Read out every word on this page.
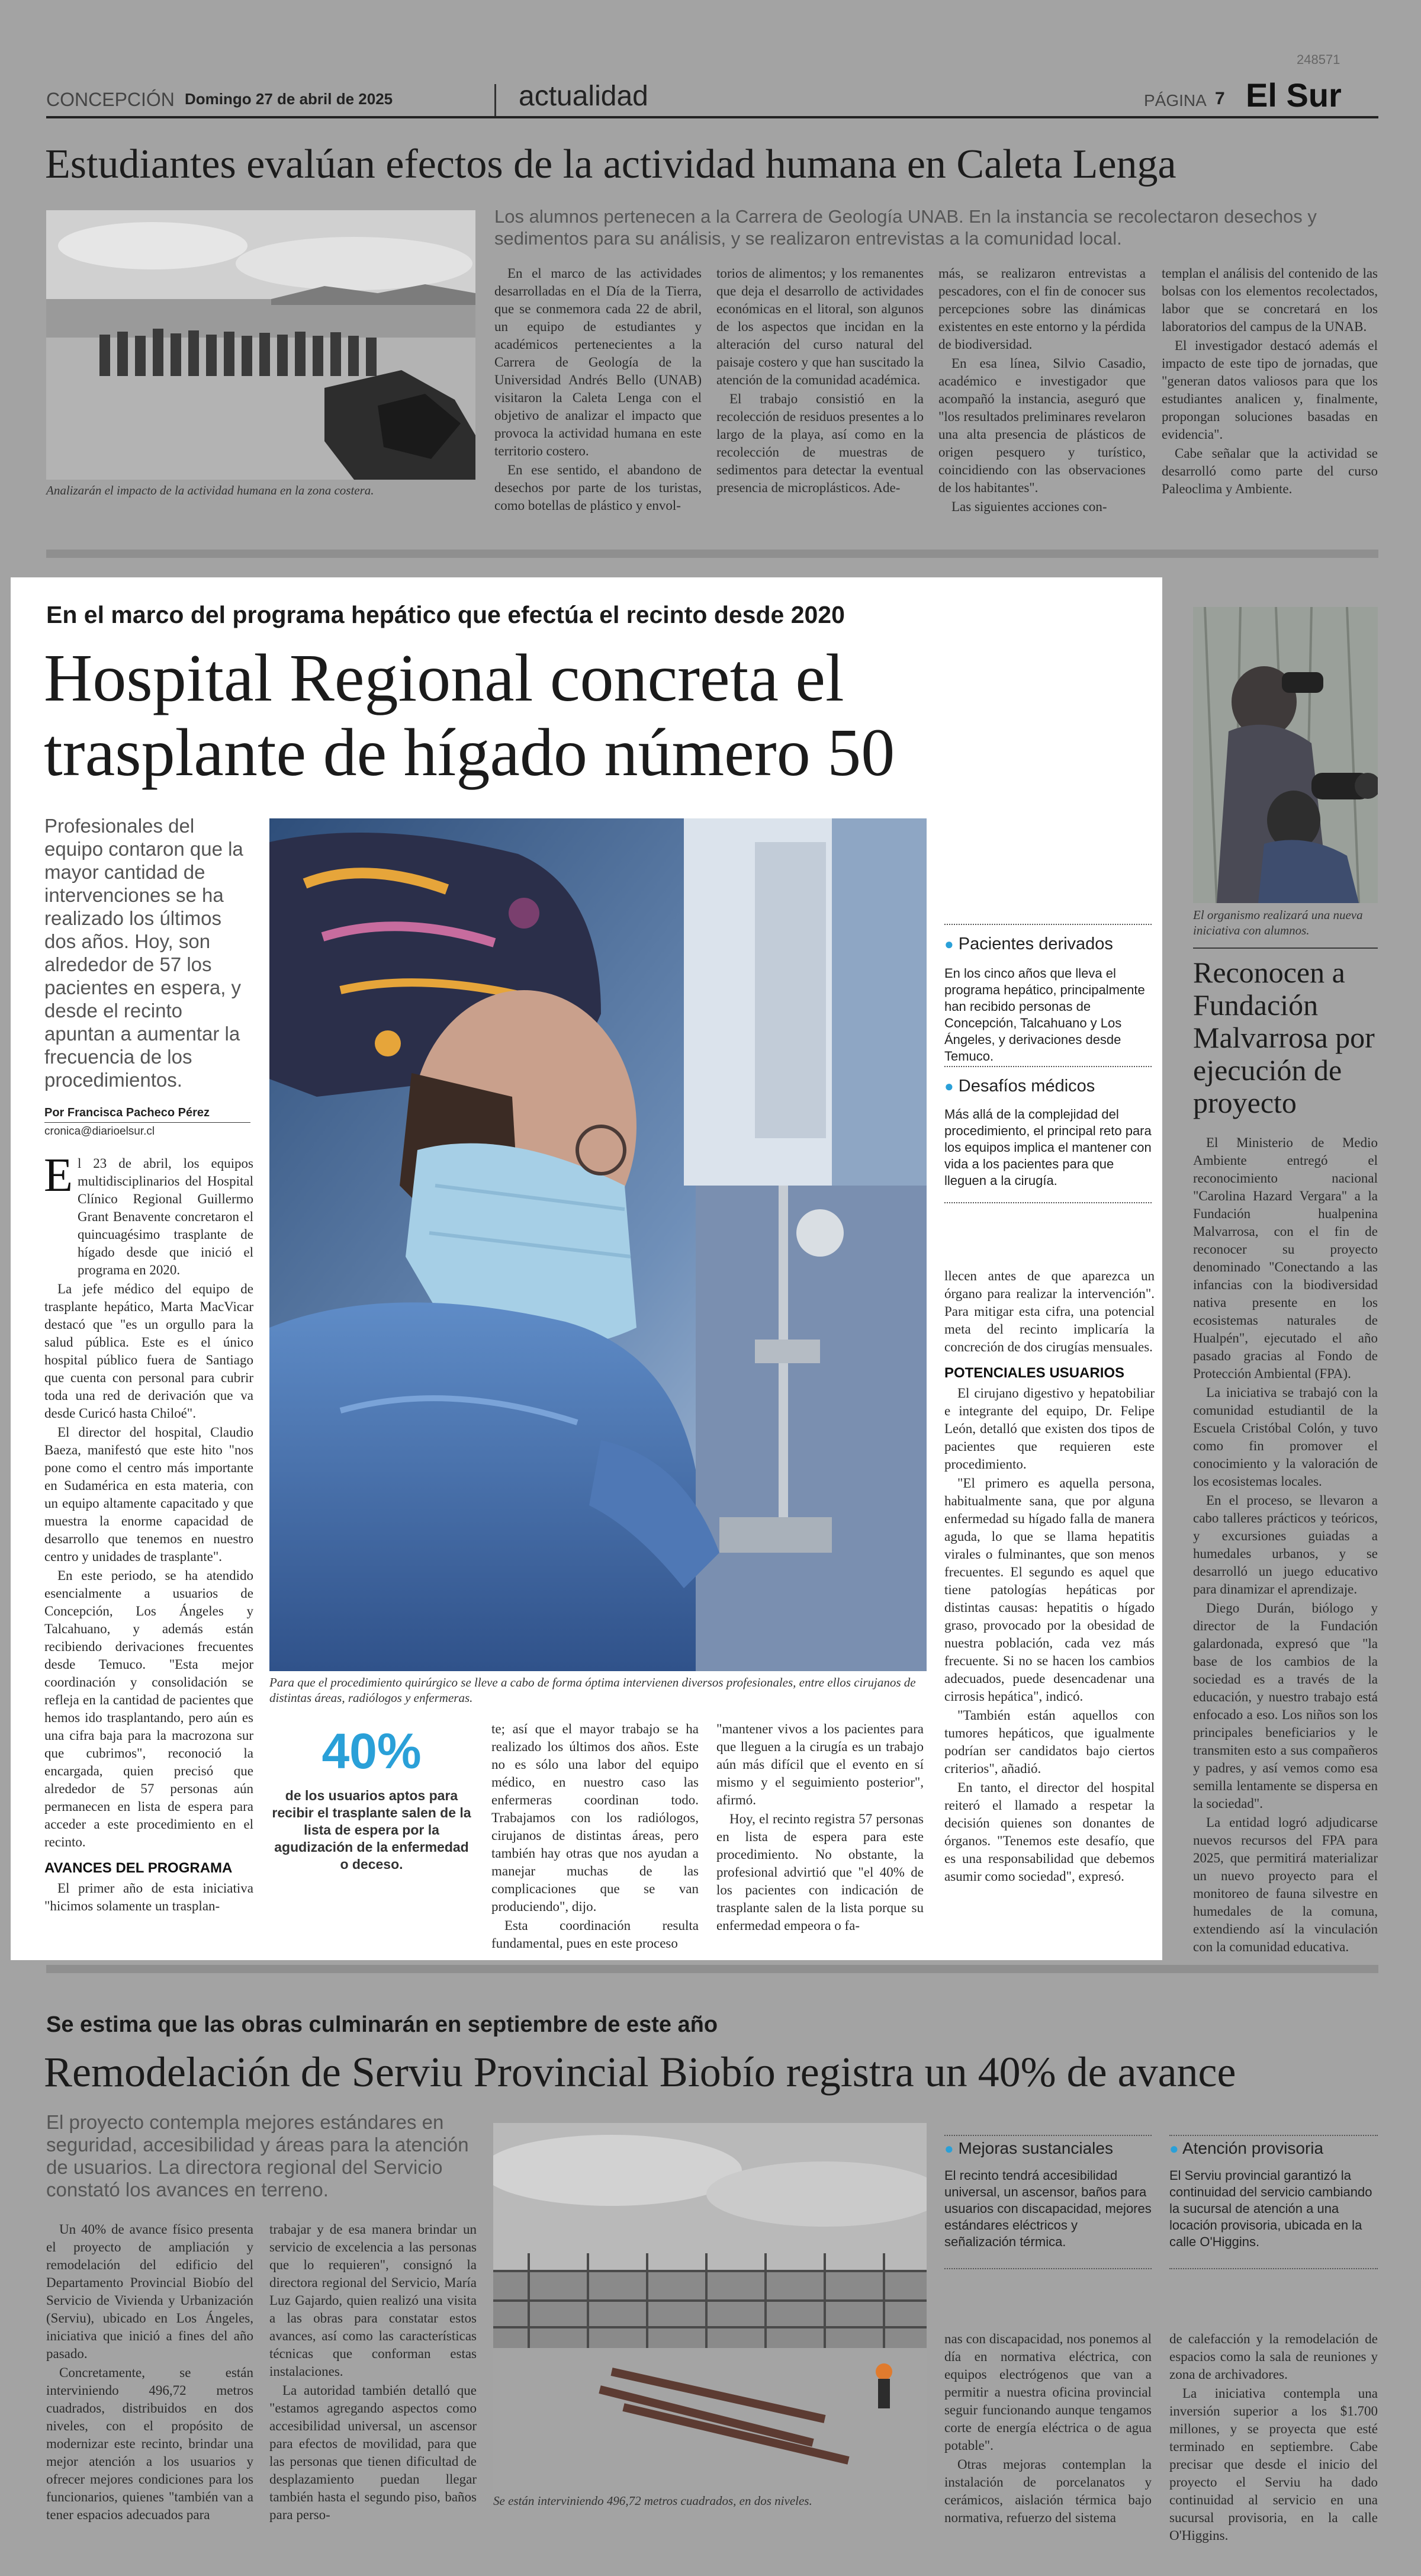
CONCEPCIÓN Domingo 27 de abril de 2025	actualidad	PÁGINA 7 El Sur
248571
Estudiantes evalúan efectos de la actividad humana en Caleta Lenga
Analizarán el impacto de la actividad humana en la zona costera.
Los alumnos pertenecen a la Carrera de Geología UNAB. En la instancia se recolectaron desechos y sedimentos para su análisis, y se realizaron entrevistas a la comunidad local.

En el marco de las actividades desarrolladas en el Día de la Tierra, que se conmemora cada 22 de abril, un equipo de estudiantes y académicos pertenecientes a la Carrera de Geología de la Universidad Andrés Bello (UNAB) visitaron la Caleta Lenga con el objetivo de analizar el impacto que provoca la actividad humana en este territorio costero.

En ese sentido, el abandono de desechos por parte de los turistas, como botellas de plástico y envol-

torios de alimentos; y los remanentes que deja el desarrollo de actividades económicas en el litoral, son algunos de los aspectos que incidan en la alteración del curso natural del paisaje costero y que han suscitado la atención de la comunidad académica.

El trabajo consistió en la recolección de residuos presentes a lo largo de la playa, así como en la recolección de muestras de sedimentos para detectar la eventual presencia de microplásticos. Ade-

más, se realizaron entrevistas a pescadores, con el fin de conocer sus percepciones sobre las dinámicas existentes en este entorno y la pérdida de biodiversidad.

En esa línea, Silvio Casadio, académico e investigador que acompañó la instancia, aseguró que "los resultados preliminares revelaron una alta presencia de plásticos de origen pesquero y turístico, coincidiendo con las observaciones de los habitantes".

Las siguientes acciones con-

templan el análisis del contenido de las bolsas con los elementos recolectados, labor que se concretará en los laboratorios del campus de la UNAB.

El investigador destacó además el impacto de este tipo de jornadas, que "generan datos valiosos para que los estudiantes analicen y, finalmente, propongan soluciones basadas en evidencia".

Cabe señalar que la actividad se desarrolló como parte del curso Paleoclima y Ambiente.

En el marco del programa hepático que efectúa el recinto desde 2020
Hospital Regional concreta el
trasplante de hígado número 50
Profesionales del equipo contaron que la mayor cantidad de intervenciones se ha realizado los últimos dos años. Hoy, son alrededor de 57 los pacientes en espera, y desde el recinto apuntan a aumentar la frecuencia de los procedimientos.
Por Francisca Pacheco Pérez
cronica@diarioelsur.cl
E l 23 de abril, los equipos multidisciplinarios del Hospital Clínico Regional Guillermo Grant Benavente concretaron el quincuagésimo trasplante de hígado desde que inició el programa en 2020.

La jefe médico del equipo de trasplante hepático, Marta MacVicar destacó que "es un orgullo para la salud pública. Este es el único hospital público fuera de Santiago que cuenta con personal para cubrir toda una red de derivación que va desde Curicó hasta Chiloé".

El director del hospital, Claudio Baeza, manifestó que este hito "nos pone como el centro más importante en Sudamérica en esta materia, con un equipo altamente capacitado y que muestra la enorme capacidad de desarrollo que tenemos en nuestro centro y unidades de trasplante".

En este periodo, se ha atendido esencialmente a usuarios de Concepción, Los Ángeles y Talcahuano, y además están recibiendo derivaciones frecuentes desde Temuco. "Esta mejor coordinación y consolidación se refleja en la cantidad de pacientes que hemos ido trasplantando, pero aún es una cifra baja para la macrozona sur que cubrimos", reconoció la encargada, quien precisó que alrededor de 57 personas aún permanecen en lista de espera para acceder a este procedimiento en el recinto.

AVANCES DEL PROGRAMA

El primer año de esta iniciativa "hicimos solamente un trasplan-

Para que el procedimiento quirúrgico se lleve a cabo de forma óptima intervienen diversos profesionales, entre ellos cirujanos de distintas áreas, radiólogos y enfermeras.
40%
de los usuarios aptos para recibir el trasplante salen de la lista de espera por la agudización de la enfermedad o deceso.

te; así que el mayor trabajo se ha realizado los últimos dos años. Este no es sólo una labor del equipo médico, en nuestro caso las enfermeras coordinan todo. Trabajamos con los radiólogos, cirujanos de distintas áreas, pero también hay otras que nos ayudan a manejar muchas de las complicaciones que se van produciendo", dijo.

Esta coordinación resulta fundamental, pues en este proceso

"mantener vivos a los pacientes para que lleguen a la cirugía es un trabajo aún más difícil que el evento en sí mismo y el seguimiento posterior", afirmó.

Hoy, el recinto registra 57 personas en lista de espera para este procedimiento. No obstante, la profesional advirtió que "el 40% de los pacientes con indicación de trasplante salen de la lista porque su enfermedad empeora o fa-

● Pacientes derivados
En los cinco años que lleva el programa hepático, principalmente han recibido personas de Concepción, Talcahuano y Los Ángeles, y derivaciones desde Temuco.
● Desafíos médicos
Más allá de la complejidad del procedimiento, el principal reto para los equipos implica el mantener con vida a los pacientes para que lleguen a la cirugía.

llecen antes de que aparezca un órgano para realizar la intervención". Para mitigar esta cifra, una potencial meta del recinto implicaría la concreción de dos cirugías mensuales.

POTENCIALES USUARIOS

El cirujano digestivo y hepatobiliar e integrante del equipo, Dr. Felipe León, detalló que existen dos tipos de pacientes que requieren este procedimiento.

"El primero es aquella persona, habitualmente sana, que por alguna enfermedad su hígado falla de manera aguda, lo que se llama hepatitis virales o fulminantes, que son menos frecuentes. El segundo es aquel que tiene patologías hepáticas por distintas causas: hepatitis o hígado graso, provocado por la obesidad de nuestra población, cada vez más frecuente. Si no se hacen los cambios adecuados, puede desencadenar una cirrosis hepática", indicó.

"También están aquellos con tumores hepáticos, que igualmente podrían ser candidatos bajo ciertos criterios", añadió.

En tanto, el director del hospital reiteró el llamado a respetar la decisión quienes son donantes de órganos. "Tenemos este desafío, que es una responsabilidad que debemos asumir como sociedad", expresó.

El organismo realizará una nueva iniciativa con alumnos.
Reconocen a Fundación Malvarrosa por ejecución de proyecto

El Ministerio de Medio Ambiente entregó el reconocimiento nacional "Carolina Hazard Vergara" a la Fundación hualpenina Malvarrosa, con el fin de reconocer su proyecto denominado "Conectando a las infancias con la biodiversidad nativa presente en los ecosistemas naturales de Hualpén", ejecutado el año pasado gracias al Fondo de Protección Ambiental (FPA).

La iniciativa se trabajó con la comunidad estudiantil de la Escuela Cristóbal Colón, y tuvo como fin promover el conocimiento y la valoración de los ecosistemas locales.

En el proceso, se llevaron a cabo talleres prácticos y teóricos, y excursiones guiadas a humedales urbanos, y se desarrolló un juego educativo para dinamizar el aprendizaje.

Diego Durán, biólogo y director de la Fundación galardonada, expresó que "la base de los cambios de la sociedad es a través de la educación, y nuestro trabajo está enfocado a eso. Los niños son los principales beneficiarios y le transmiten esto a sus compañeros y padres, y así vemos como esa semilla lentamente se dispersa en la sociedad".

La entidad logró adjudicarse nuevos recursos del FPA para 2025, que permitirá materializar un nuevo proyecto para el monitoreo de fauna silvestre en humedales de la comuna, extendiendo así la vinculación con la comunidad educativa.

Se estima que las obras culminarán en septiembre de este año
Remodelación de Serviu Provincial Biobío registra un 40% de avance
El proyecto contempla mejores estándares en seguridad, accesibilidad y áreas para la atención de usuarios. La directora regional del Servicio constató los avances en terreno.

Un 40% de avance físico presenta el proyecto de ampliación y remodelación del edificio del Departamento Provincial Biobío del Servicio de Vivienda y Urbanización (Serviu), ubicado en Los Ángeles, iniciativa que inició a fines del año pasado.

Concretamente, se están interviniendo 496,72 metros cuadrados, distribuidos en dos niveles, con el propósito de modernizar este recinto, brindar una mejor atención a los usuarios y ofrecer mejores condiciones para los funcionarios, quienes "también van a tener espacios adecuados para

trabajar y de esa manera brindar un servicio de excelencia a las personas que lo requieren", consignó la directora regional del Servicio, María Luz Gajardo, quien realizó una visita a las obras para constatar estos avances, así como las características técnicas que conforman estas instalaciones.

La autoridad también detalló que "estamos agregando aspectos como accesibilidad universal, un ascensor para efectos de movilidad, para que las personas que tienen dificultad de desplazamiento puedan llegar también hasta el segundo piso, baños para perso-

Se están interviniendo 496,72 metros cuadrados, en dos niveles.
● Mejoras sustanciales
El recinto tendrá accesibilidad universal, un ascensor, baños para usuarios con discapacidad, mejores estándares eléctricos y señalización térmica.
● Atención provisoria
El Serviu provincial garantizó la continuidad del servicio cambiando la sucursal de atención a una locación provisoria, ubicada en la calle O'Higgins.

nas con discapacidad, nos ponemos al día en normativa eléctrica, con equipos electrógenos que van a permitir a nuestra oficina provincial seguir funcionando aunque tengamos corte de energía eléctrica o de agua potable".

Otras mejoras contemplan la instalación de porcelanatos y cerámicos, aislación térmica bajo normativa, refuerzo del sistema

de calefacción y la remodelación de espacios como la sala de reuniones y zona de archivadores.

La iniciativa contempla una inversión superior a los $1.700 millones, y se proyecta que esté terminado en septiembre. Cabe precisar que desde el inicio del proyecto el Serviu ha dado continuidad al servicio en una sucursal provisoria, en la calle O'Higgins.
